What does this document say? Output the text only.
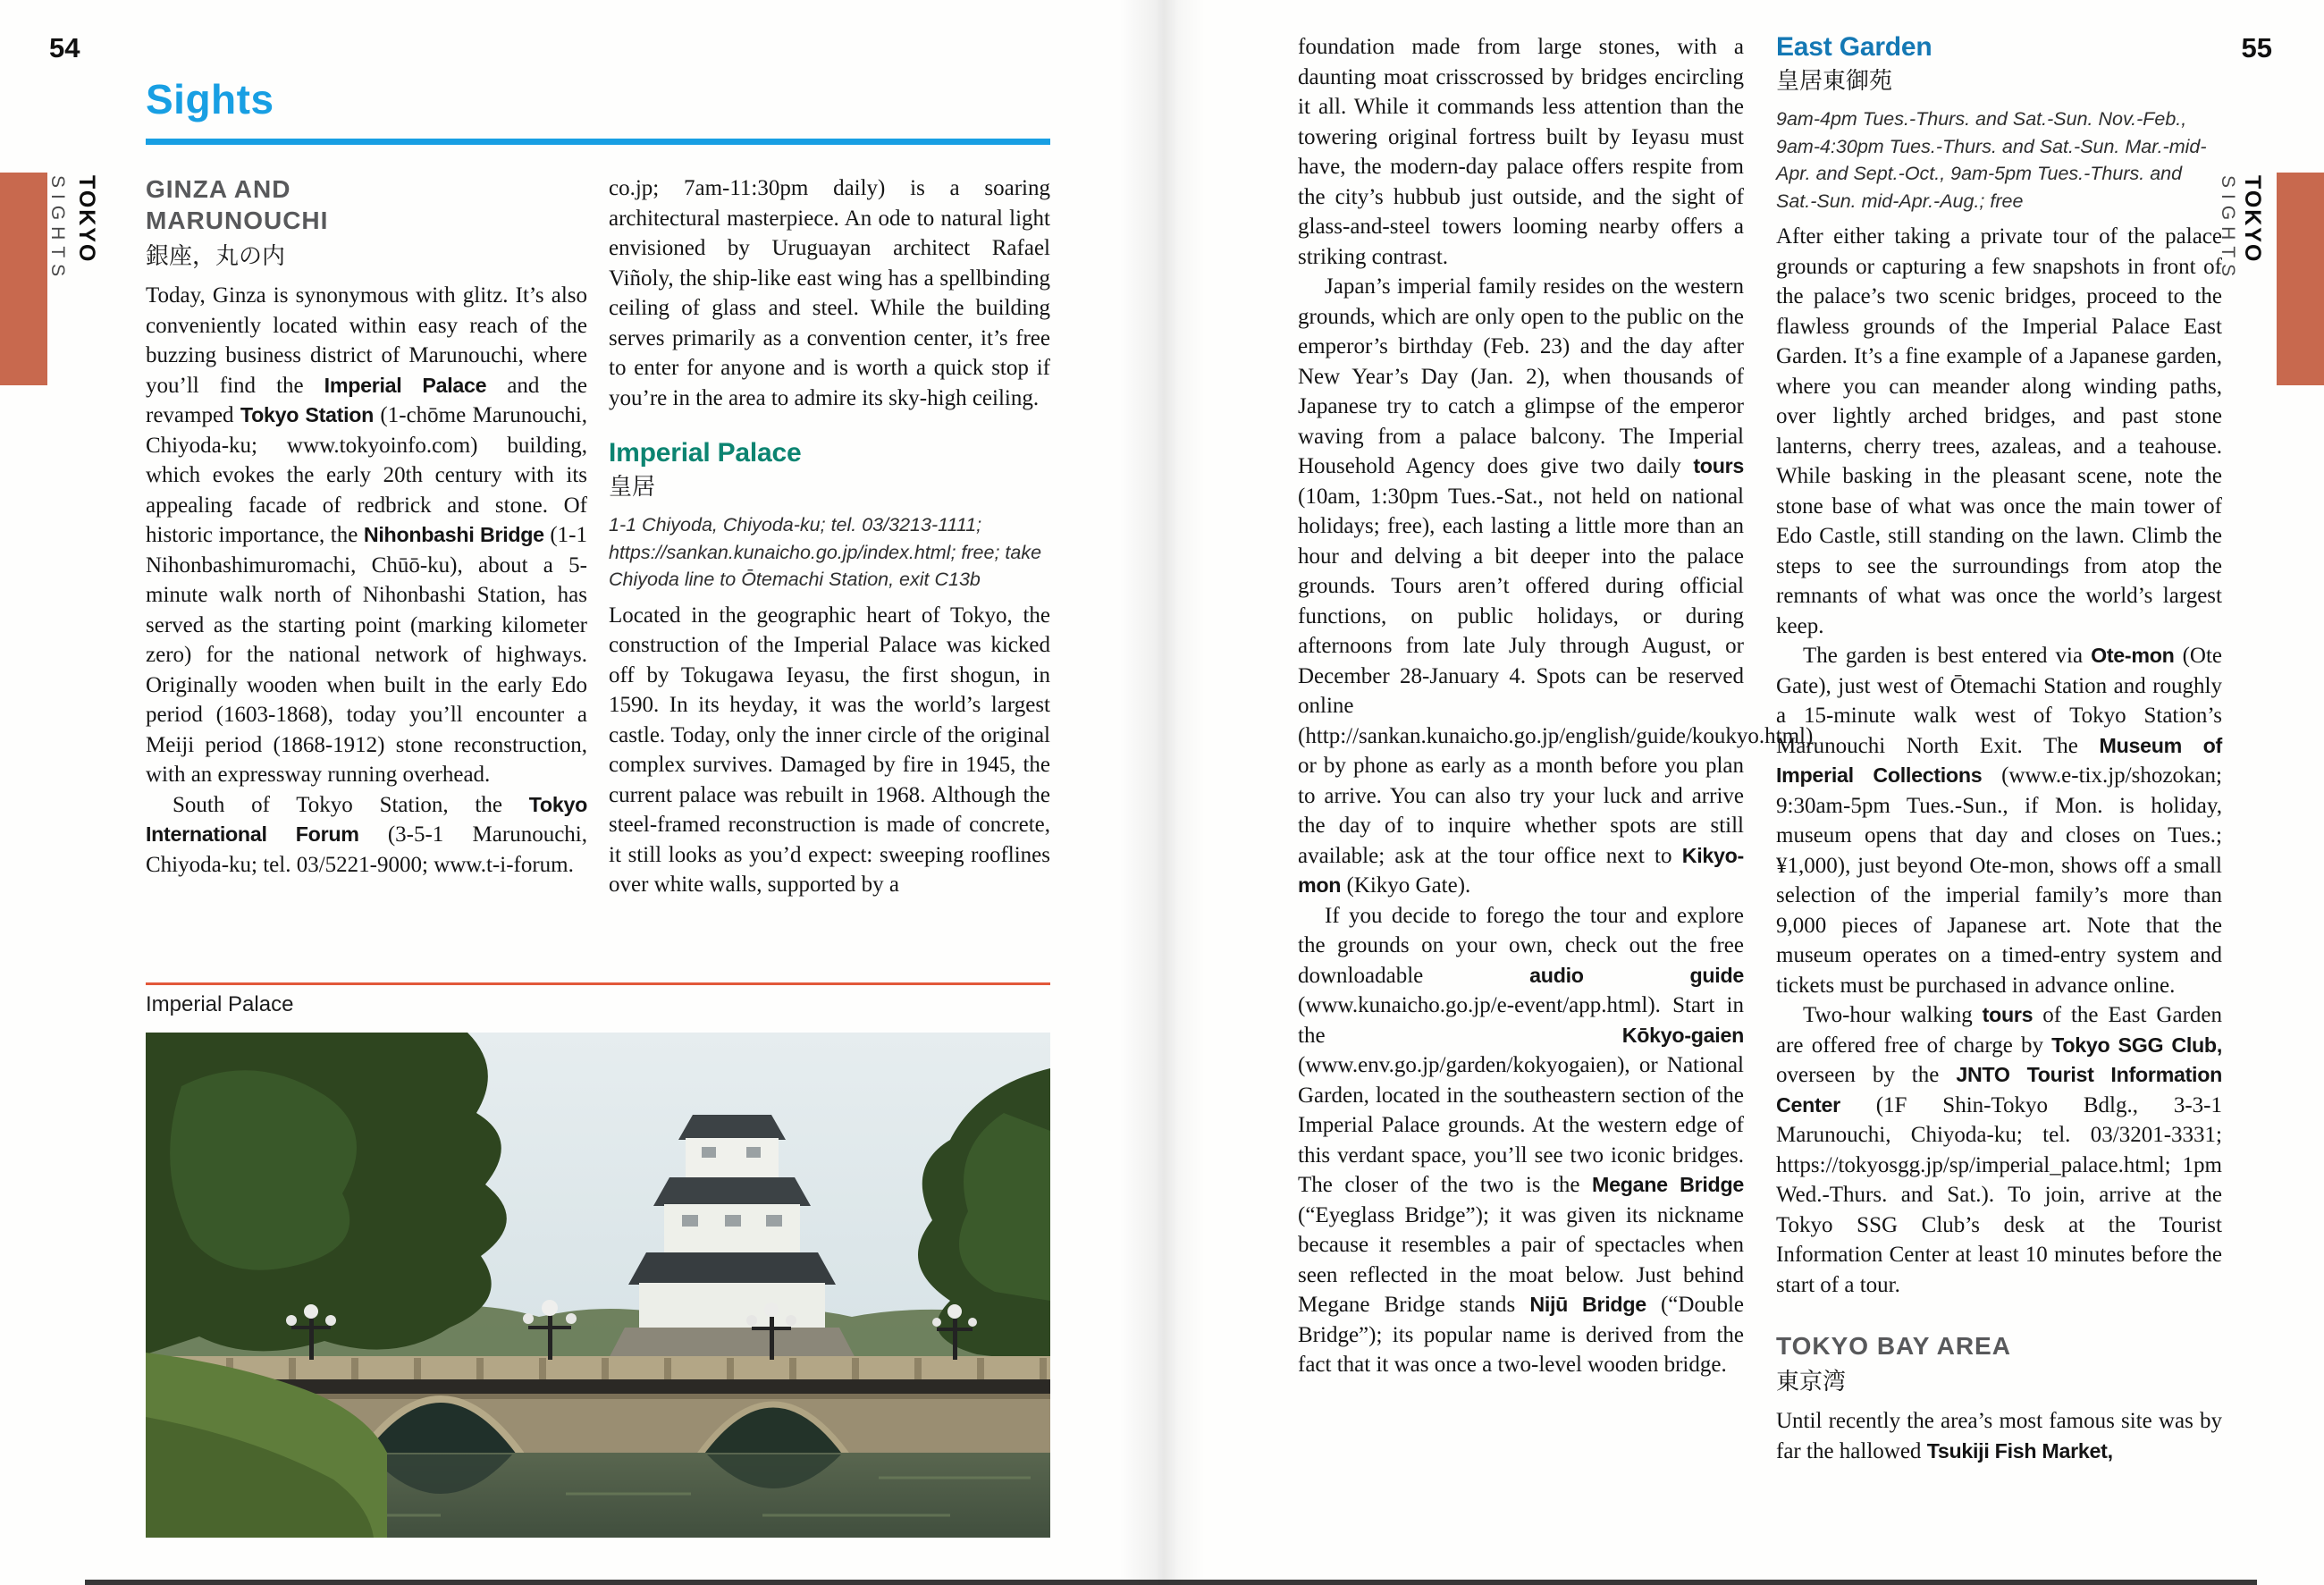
54	55
SIGHTS TOKYO	SIGHTS TOKYO
Sights
GINZA AND
MARUNOUCHI
銀座，丸の内

Today, Ginza is synonymous with glitz. It’s also conveniently located within easy reach of the buzzing business district of Marunouchi, where you’ll find the Imperial Palace and the revamped Tokyo Station (1-chōme Marunouchi, Chiyoda-ku; www.tokyoinfo.com) building, which evokes the early 20th century with its appealing facade of redbrick and stone. Of historic importance, the Nihonbashi Bridge (1-1 Nihonbashimuromachi, Chūō-ku), about a 5-minute walk north of Nihonbashi Station, has served as the starting point (marking kilometer zero) for the national network of highways. Originally wooden when built in the early Edo period (1603-1868), today you’ll encounter a Meiji period (1868-1912) stone reconstruction, with an expressway running overhead.

South of Tokyo Station, the Tokyo International Forum (3-5-1 Marunouchi, Chiyoda-ku; tel. 03/5221-9000; www.t-i-forum.

co.jp; 7am-11:30pm daily) is a soaring architectural masterpiece. An ode to natural light envisioned by Uruguayan architect Rafael Viñoly, the ship-like east wing has a spellbinding ceiling of glass and steel. While the building serves primarily as a convention center, it’s free to enter for anyone and is worth a quick stop if you’re in the area to admire its sky-high ceiling.

Imperial Palace
皇居
1-1 Chiyoda, Chiyoda-ku; tel. 03/3213-1111; https://sankan.kunaicho.go.jp/index.html; free; take Chiyoda line to Ōtemachi Station, exit C13b

Located in the geographic heart of Tokyo, the construction of the Imperial Palace was kicked off by Tokugawa Ieyasu, the first shogun, in 1590. In its heyday, it was the world’s largest castle. Today, only the inner circle of the original complex survives. Damaged by fire in 1945, the current palace was rebuilt in 1968. Although the steel-framed reconstruction is made of concrete, it still looks as you’d expect: sweeping rooflines over white walls, supported by a

Imperial Palace

foundation made from large stones, with a daunting moat crisscrossed by bridges encircling it all. While it commands less attention than the towering original fortress built by Ieyasu must have, the modern-day palace offers respite from the city’s hubbub just outside, and the sight of glass-and-steel towers looming nearby offers a striking contrast.

Japan’s imperial family resides on the western grounds, which are only open to the public on the emperor’s birthday (Feb. 23) and the day after New Year’s Day (Jan. 2), when thousands of Japanese try to catch a glimpse of the emperor waving from a palace balcony. The Imperial Household Agency does give two daily tours (10am, 1:30pm Tues.-Sat., not held on national holidays; free), each lasting a little more than an hour and delving a bit deeper into the palace grounds. Tours aren’t offered during official functions, on public holidays, or during afternoons from late July through August, or December 28-January 4. Spots can be reserved online (http://sankan.kunaicho.go.jp/english/guide/koukyo.html) or by phone as early as a month before you plan to arrive. You can also try your luck and arrive the day of to inquire whether spots are still available; ask at the tour office next to Kikyo-mon (Kikyo Gate).

If you decide to forego the tour and explore the grounds on your own, check out the free downloadable audio guide (www.kunaicho.go.jp/e-event/app.html). Start in the Kōkyo-gaien (www.env.go.jp/garden/kokyogaien), or National Garden, located in the southeastern section of the Imperial Palace grounds. At the western edge of this verdant space, you’ll see two iconic bridges. The closer of the two is the Megane Bridge (“Eyeglass Bridge”); it was given its nickname because it resembles a pair of spectacles when seen reflected in the moat below. Just behind Megane Bridge stands Nijū Bridge (“Double Bridge”); its popular name is derived from the fact that it was once a two-level wooden bridge.

East Garden
皇居東御苑
9am-4pm Tues.-Thurs. and Sat.-Sun. Nov.-Feb., 9am-4:30pm Tues.-Thurs. and Sat.-Sun. Mar.-mid-Apr. and Sept.-Oct., 9am-5pm Tues.-Thurs. and Sat.-Sun. mid-Apr.-Aug.; free

After either taking a private tour of the palace grounds or capturing a few snapshots in front of the palace’s two scenic bridges, proceed to the flawless grounds of the Imperial Palace East Garden. It’s a fine example of a Japanese garden, where you can meander along winding paths, over lightly arched bridges, and past stone lanterns, cherry trees, azaleas, and a teahouse. While basking in the pleasant scene, note the stone base of what was once the main tower of Edo Castle, still standing on the lawn. Climb the steps to see the surroundings from atop the remnants of what was once the world’s largest keep.

The garden is best entered via Ote-mon (Ote Gate), just west of Ōtemachi Station and roughly a 15-minute walk west of Tokyo Station’s Marunouchi North Exit. The Museum of Imperial Collections (www.e-tix.jp/shozokan; 9:30am-5pm Tues.-Sun., if Mon. is holiday, museum opens that day and closes on Tues.; ¥1,000), just beyond Ote-mon, shows off a small selection of the imperial family’s more than 9,000 pieces of Japanese art. Note that the museum operates on a timed-entry system and tickets must be purchased in advance online.

Two-hour walking tours of the East Garden are offered free of charge by Tokyo SGG Club, overseen by the JNTO Tourist Information Center (1F Shin-Tokyo Bdlg., 3-3-1 Marunouchi, Chiyoda-ku; tel. 03/3201-3331; https://tokyosgg.jp/sp/imperial_palace.html; 1pm Wed.-Thurs. and Sat.). To join, arrive at the Tokyo SSG Club’s desk at the Tourist Information Center at least 10 minutes before the start of a tour.

TOKYO BAY AREA
東京湾

Until recently the area’s most famous site was by far the hallowed Tsukiji Fish Market,
